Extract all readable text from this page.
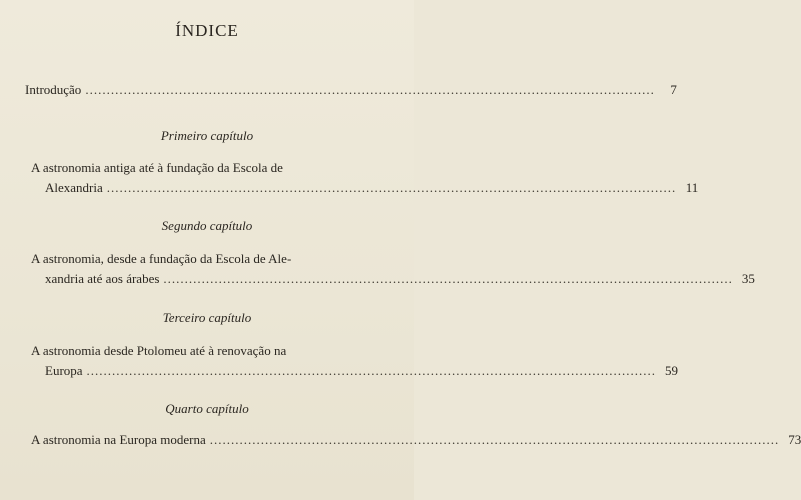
ÍNDICE
Introdução ......................................................................................................................................	7
Primeiro capítulo
A astronomia antiga até à fundação da Escola de
Alexandria ...................................................................................................................................... 11
Segundo capítulo
A astronomia, desde a fundação da Escola de Ale-
xandria até aos árabes ...................................................................................................................................... 35
Terceiro capítulo
A astronomia desde Ptolomeu até à renovação na
Europa ...................................................................................................................................... 59
Quarto capítulo
A astronomia na Europa moderna ...................................................................................................................................... 73
